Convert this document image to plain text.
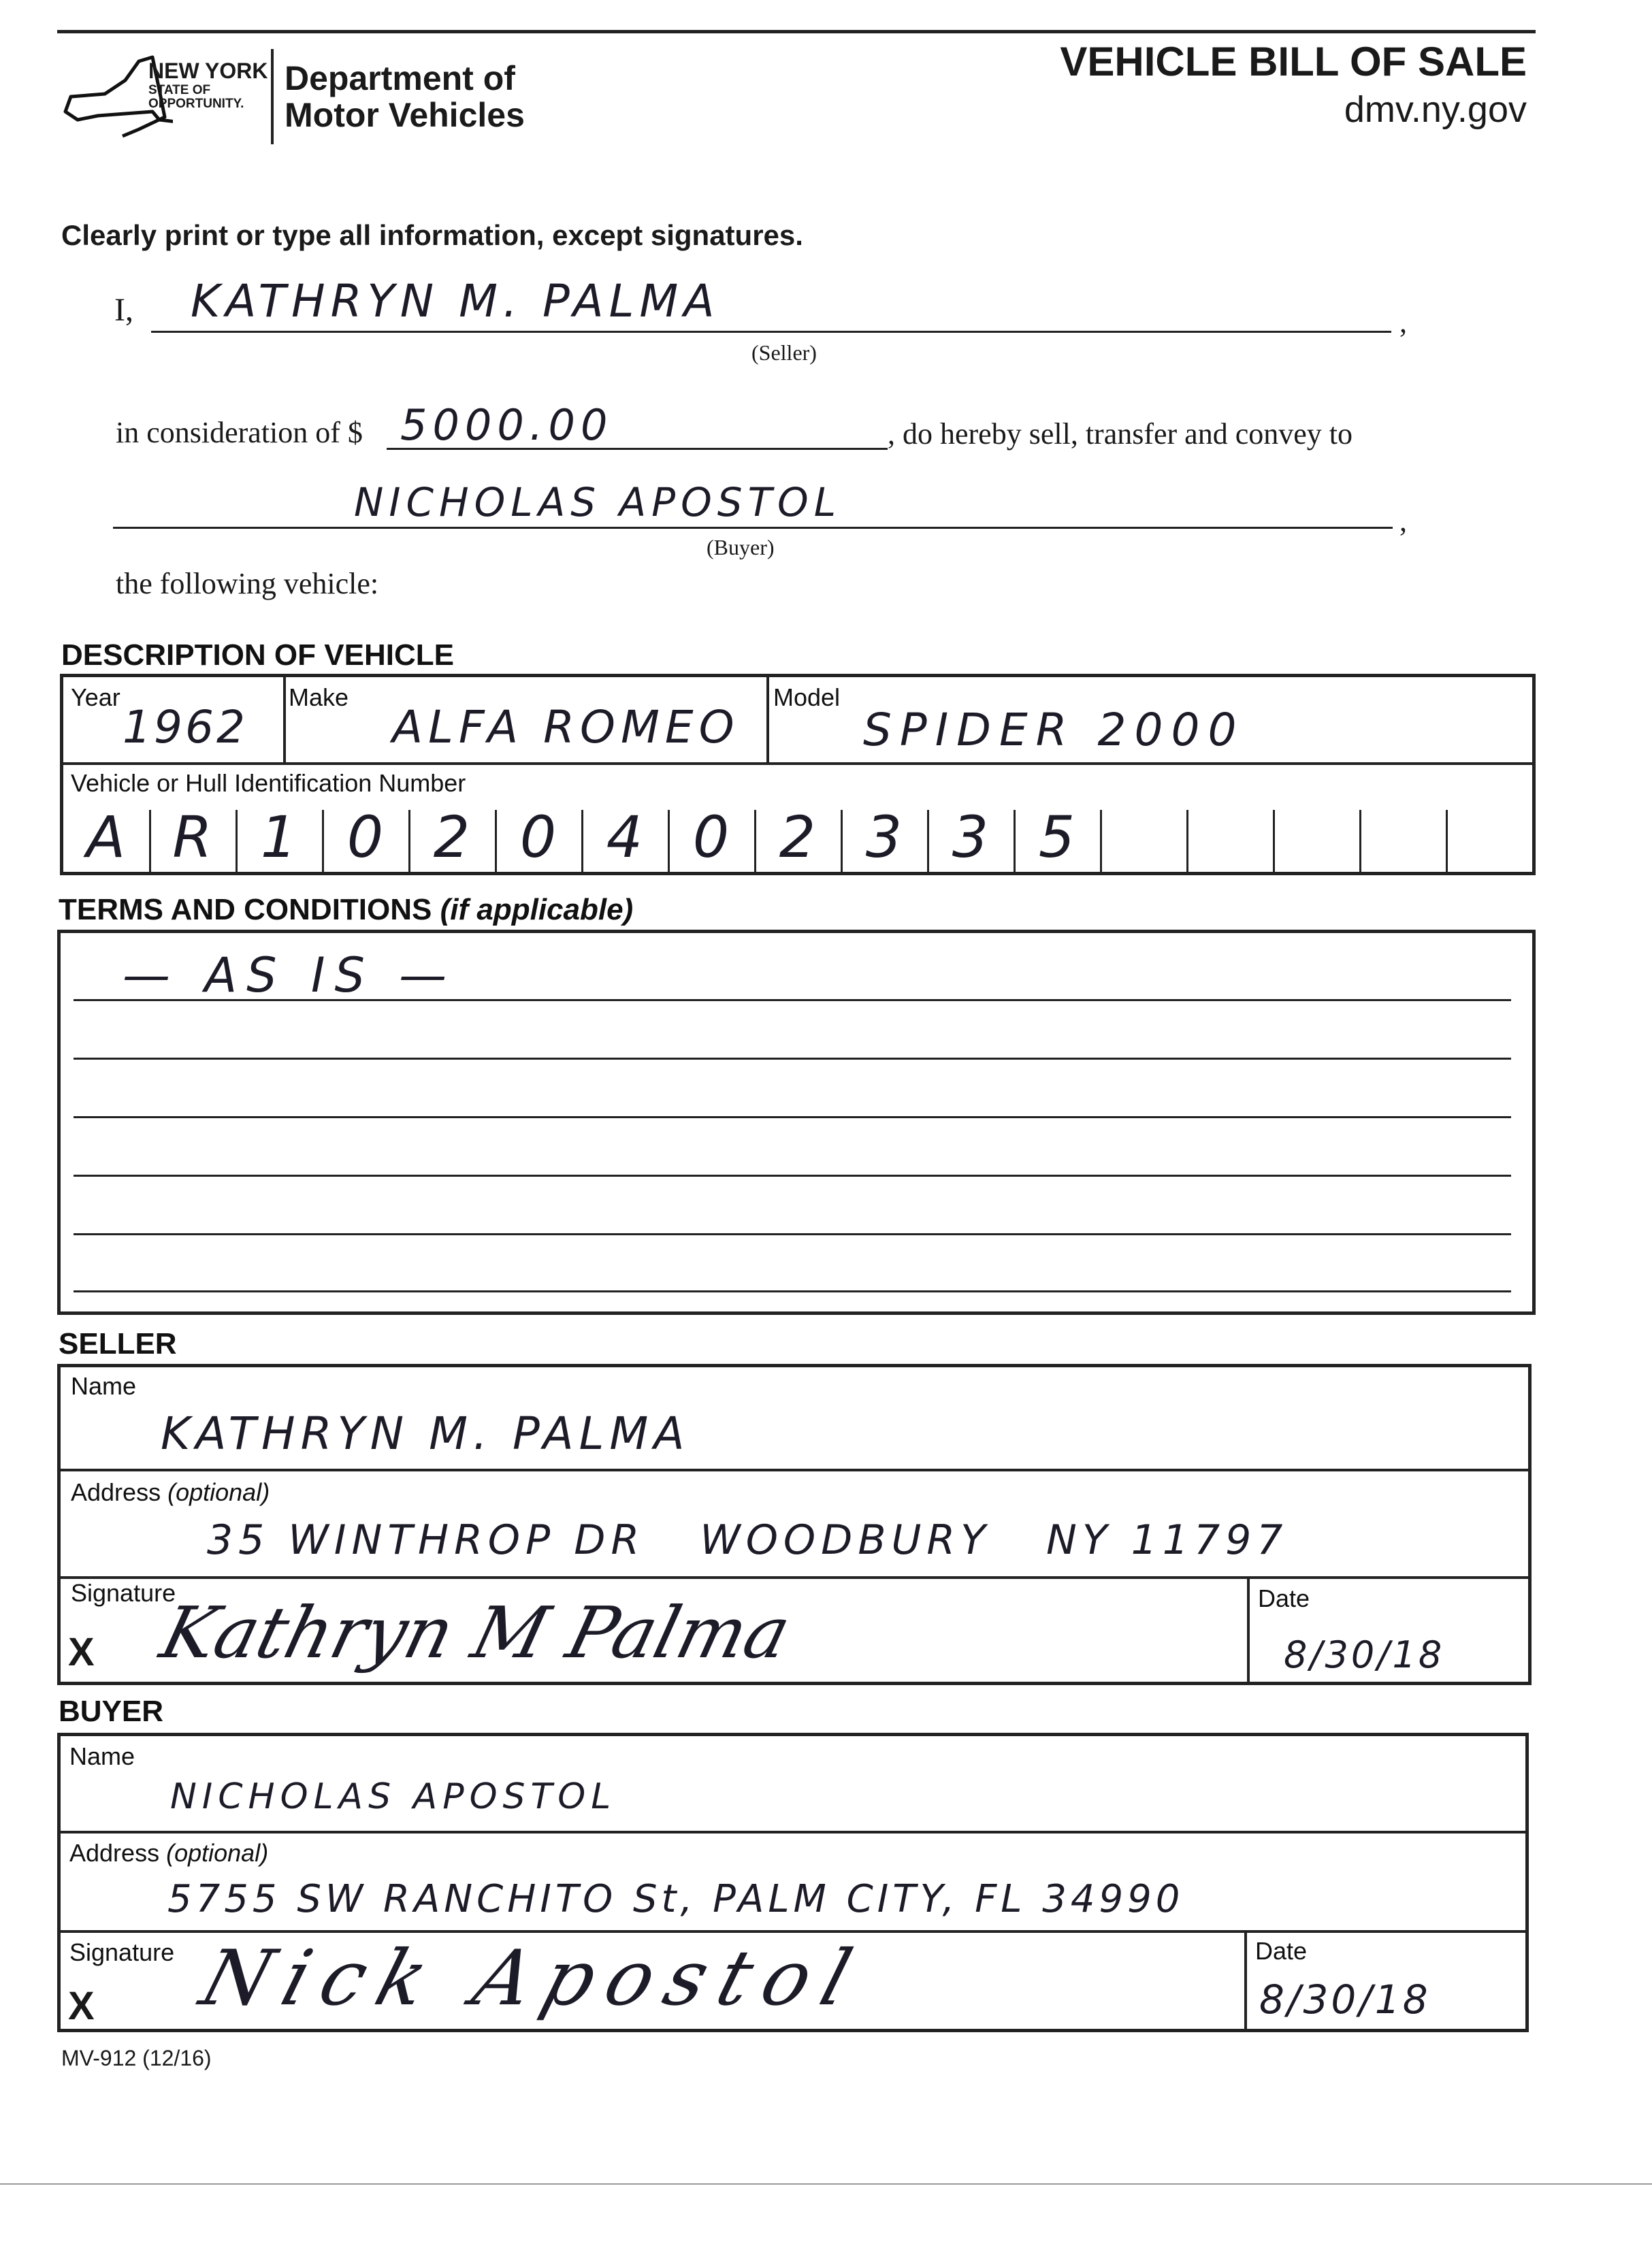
NEW YORK
STATE OF
OPPORTUNITY.
Department of
Motor Vehicles
VEHICLE BILL OF SALE
dmv.ny.gov
Clearly print or type all information, except signatures.
I, KATHRYN M. PALMA	,
(Seller)
in consideration of $ 5000.00	, do hereby sell, transfer and convey to
NICHOLAS APOSTOL	,
(Buyer)
the following vehicle:
DESCRIPTION OF VEHICLE
Year
1962
Make
ALFA ROMEO
Model
SPIDER 2000
Vehicle or Hull Identification Number
A R 1 0 2 0 4 0 2 3 3 5
TERMS AND CONDITIONS (if applicable)
— AS IS —
SELLER
Name
KATHRYN M. PALMA
Address (optional)
35 WINTHROP DR   WOODBURY   NY 11797
Signature
X Kathryn M Palma	Date
8/30/18
BUYER
Name
NICHOLAS APOSTOL
Address (optional)
5755 SW RANCHITO St, PALM CITY, FL 34990
Signature
X Nick Apostol	Date
8/30/18
MV-912 (12/16)
